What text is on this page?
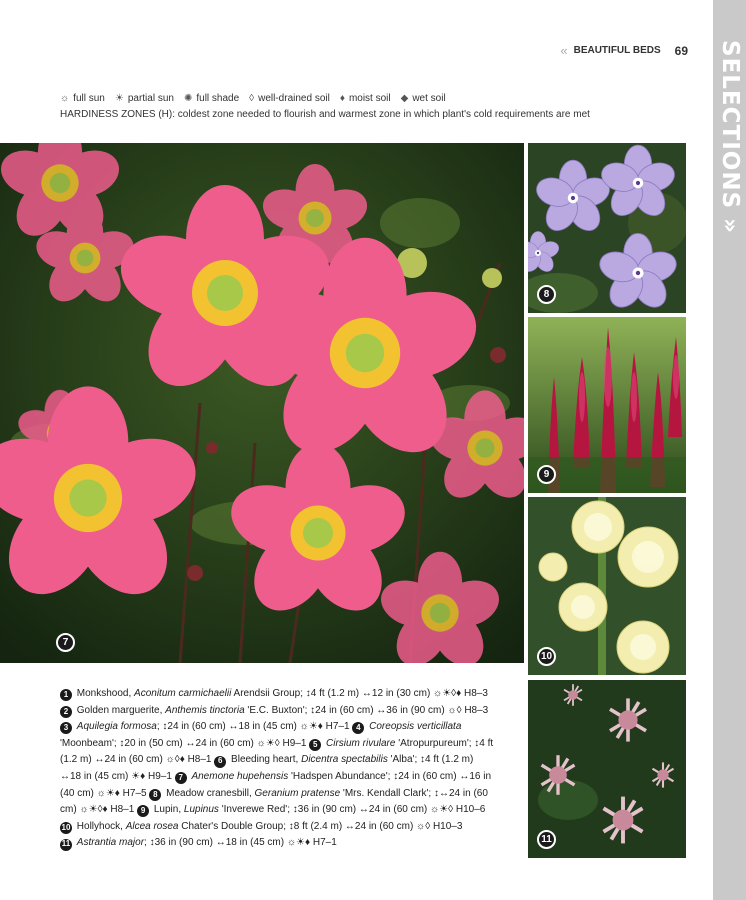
SELECTIONS »
« BEAUTIFUL BEDS 69
☼ full sun ☀ partial sun ✺ full shade ◊ well-drained soil ♦ moist soil ◆ wet soil
HARDINESS ZONES (H): coldest zone needed to flourish and warmest zone in which plant's cold requirements are met
7
8
9
10
11
1 Monkshood, Aconitum carmichaelii Arendsii Group; ↕4 ft (1.2 m) ↔12 in (30 cm) ☼☀◊♦ H8–3
2 Golden marguerite, Anthemis tinctoria 'E.C. Buxton'; ↕24 in (60 cm) ↔36 in (90 cm) ☼◊ H8–3
3 Aquilegia formosa; ↕24 in (60 cm) ↔18 in (45 cm) ☼☀♦ H7–1 4 Coreopsis verticillata 'Moonbeam'; ↕20 in (50 cm) ↔24 in (60 cm) ☼☀◊ H9–1 5 Cirsium rivulare 'Atropurpureum'; ↕4 ft (1.2 m) ↔24 in (60 cm) ☼◊♦ H8–1 6 Bleeding heart, Dicentra spectabilis 'Alba'; ↕4 ft (1.2 m) ↔18 in (45 cm) ☀♦ H9–1 7 Anemone hupehensis 'Hadspen Abundance'; ↕24 in (60 cm) ↔16 in (40 cm) ☼☀♦ H7–5 8 Meadow cranesbill, Geranium pratense 'Mrs. Kendall Clark'; ↕↔24 in (60 cm) ☼☀◊♦ H8–1 9 Lupin, Lupinus 'Inverewe Red'; ↕36 in (90 cm) ↔24 in (60 cm) ☼☀◊ H10–6
10 Hollyhock, Alcea rosea Chater's Double Group; ↕8 ft (2.4 m) ↔24 in (60 cm) ☼◊ H10–3
11 Astrantia major; ↕36 in (90 cm) ↔18 in (45 cm) ☼☀♦ H7–1
